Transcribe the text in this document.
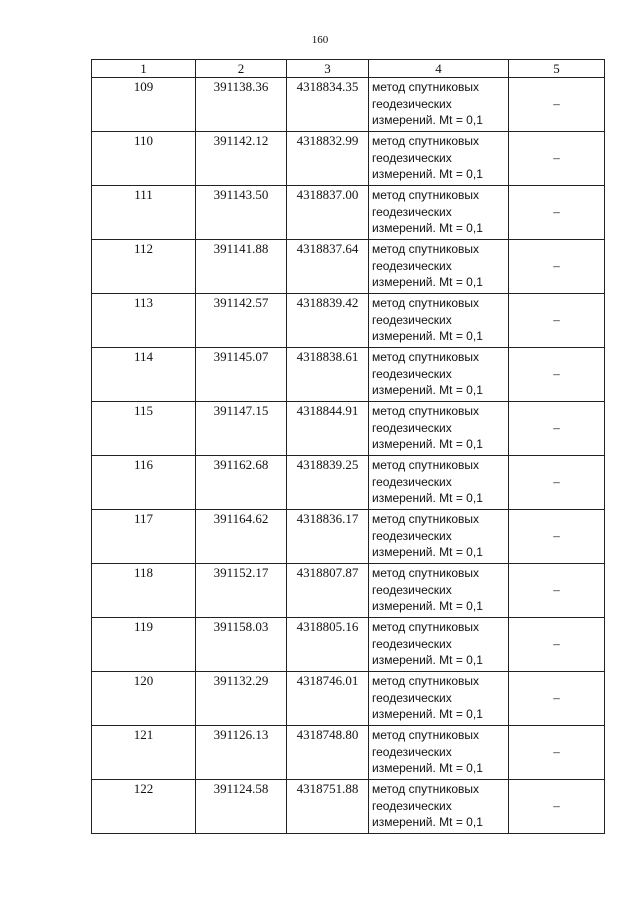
160
1	2	3	4	5
109	391138.36	4318834.35	метод спутниковых
геодезических
измерений. Mt = 0,1	–
110	391142.12	4318832.99	метод спутниковых
геодезических
измерений. Mt = 0,1	–
111	391143.50	4318837.00	метод спутниковых
геодезических
измерений. Mt = 0,1	–
112	391141.88	4318837.64	метод спутниковых
геодезических
измерений. Mt = 0,1	–
113	391142.57	4318839.42	метод спутниковых
геодезических
измерений. Mt = 0,1	–
114	391145.07	4318838.61	метод спутниковых
геодезических
измерений. Mt = 0,1	–
115	391147.15	4318844.91	метод спутниковых
геодезических
измерений. Mt = 0,1	–
116	391162.68	4318839.25	метод спутниковых
геодезических
измерений. Mt = 0,1	–
117	391164.62	4318836.17	метод спутниковых
геодезических
измерений. Mt = 0,1	–
118	391152.17	4318807.87	метод спутниковых
геодезических
измерений. Mt = 0,1	–
119	391158.03	4318805.16	метод спутниковых
геодезических
измерений. Mt = 0,1	–
120	391132.29	4318746.01	метод спутниковых
геодезических
измерений. Mt = 0,1	–
121	391126.13	4318748.80	метод спутниковых
геодезических
измерений. Mt = 0,1	–
122	391124.58	4318751.88	метод спутниковых
геодезических
измерений. Mt = 0,1	–
